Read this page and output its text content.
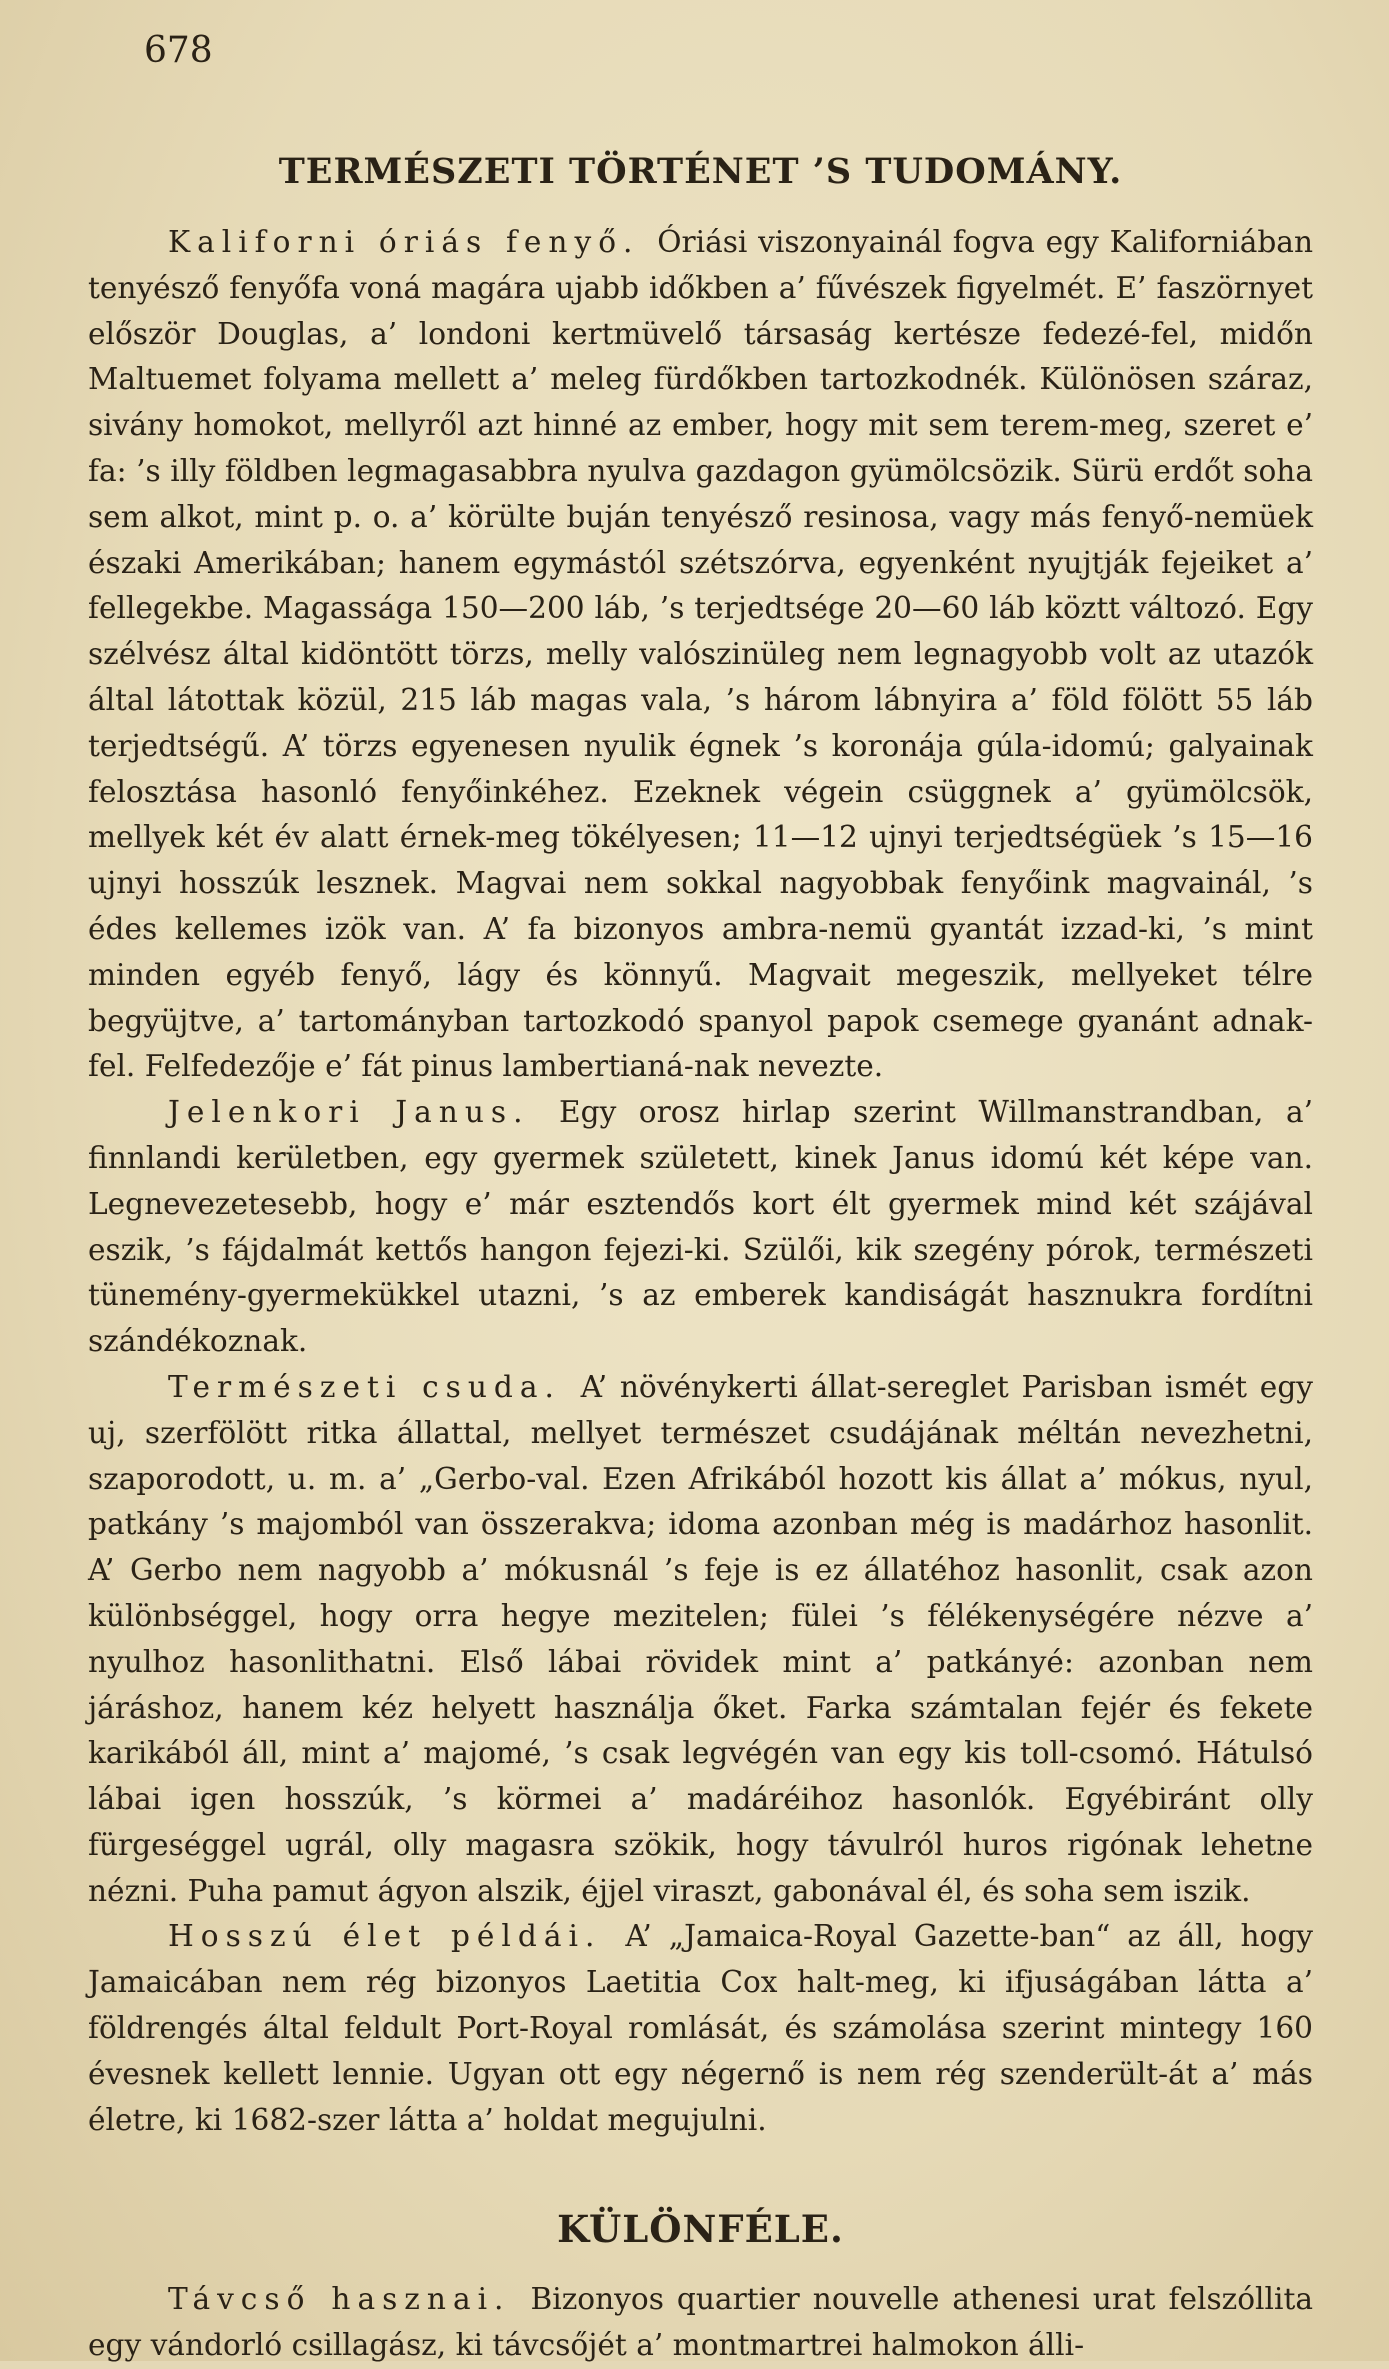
678
TERMÉSZETI TÖRTÉNET ’S TUDOMÁNY.

Kaliforni óriás fenyő. Óriási viszonyainál fogva egy Kaliforniában tenyésző fenyőfa voná magára ujabb időkben a’ fűvészek figyelmét. E’ faszörnyet először Douglas, a’ londoni kertmüvelő társaság kertésze fedezé-fel, midőn Maltuemet folyama mellett a’ meleg fürdőkben tartozkodnék. Különösen száraz, sivány homokot, mellyről azt hinné az ember, hogy mit sem terem-meg, szeret e’ fa: ’s illy földben legmagasabbra nyulva gazdagon gyümölcsözik. Sürü erdőt soha sem alkot, mint p. o. a’ körülte buján tenyésző resinosa, vagy más fenyő-nemüek északi Amerikában; hanem egymástól szétszórva, egyenként nyujtják fejeiket a’ fellegekbe. Magassága 150—200 láb, ’s terjedtsége 20—60 láb köztt változó. Egy szélvész által kidöntött törzs, melly valószinüleg nem legnagyobb volt az utazók által látottak közül, 215 láb magas vala, ’s három lábnyira a’ föld fölött 55 láb terjedtségű. A’ törzs egyenesen nyulik égnek ’s koronája gúla-idomú; galyainak felosztása hasonló fenyőinkéhez. Ezeknek végein csüggnek a’ gyümölcsök, mellyek két év alatt érnek-meg tökélyesen; 11—12 ujnyi terjedtségüek ’s 15—16 ujnyi hosszúk lesznek. Magvai nem sokkal nagyobbak fenyőink magvainál, ’s édes kellemes izök van. A’ fa bizonyos ambra-nemü gyantát izzad-ki, ’s mint minden egyéb fenyő, lágy és könnyű. Magvait megeszik, mellyeket télre begyüjtve, a’ tartományban tartozkodó spanyol papok csemege gyanánt adnak-fel. Felfedezője e’ fát pinus lambertianá-nak nevezte.

Jelenkori Janus. Egy orosz hirlap szerint Willmanstrandban, a’ finnlandi kerületben, egy gyermek született, kinek Janus idomú két képe van. Legnevezetesebb, hogy e’ már esztendős kort élt gyermek mind két szájával eszik, ’s fájdalmát kettős hangon fejezi-ki. Szülői, kik szegény pórok, természeti tünemény-gyermekükkel utazni, ’s az emberek kandiságát hasznukra fordítni szándékoznak.

Természeti csuda. A’ növénykerti állat-sereglet Parisban ismét egy uj, szerfölött ritka állattal, mellyet természet csudájának méltán nevezhetni, szaporodott, u. m. a’ „Gerbo-val. Ezen Afrikából hozott kis állat a’ mókus, nyul, patkány ’s majomból van összerakva; idoma azonban még is madárhoz hasonlit. A’ Gerbo nem nagyobb a’ mókusnál ’s feje is ez állatéhoz hasonlit, csak azon különbséggel, hogy orra hegye mezitelen; fülei ’s félékenységére nézve a’ nyulhoz hasonlithatni. Első lábai rövidek mint a’ patkányé: azonban nem járáshoz, hanem kéz helyett használja őket. Farka számtalan fejér és fekete karikából áll, mint a’ majomé, ’s csak legvégén van egy kis toll-csomó. Hátulsó lábai igen hosszúk, ’s körmei a’ madáréihoz hasonlók. Egyébiránt olly fürgeséggel ugrál, olly magasra szökik, hogy távulról huros rigónak lehetne nézni. Puha pamut ágyon alszik, éjjel viraszt, gabonával él, és soha sem iszik.

Hosszú élet példái. A’ „Jamaica-Royal Gazette-ban“ az áll, hogy Jamaicában nem rég bizonyos Laetitia Cox halt-meg, ki ifjuságában látta a’ földrengés által feldult Port-Royal romlását, és számolása szerint mintegy 160 évesnek kellett lennie. Ugyan ott egy négernő is nem rég szenderült-át a’ más életre, ki 1682-szer látta a’ holdat megujulni.

KÜLÖNFÉLE.

Távcső hasznai. Bizonyos quartier nouvelle athenesi urat felszóllita egy vándorló csillagász, ki távcsőjét a’ montmartrei halmokon álli-
